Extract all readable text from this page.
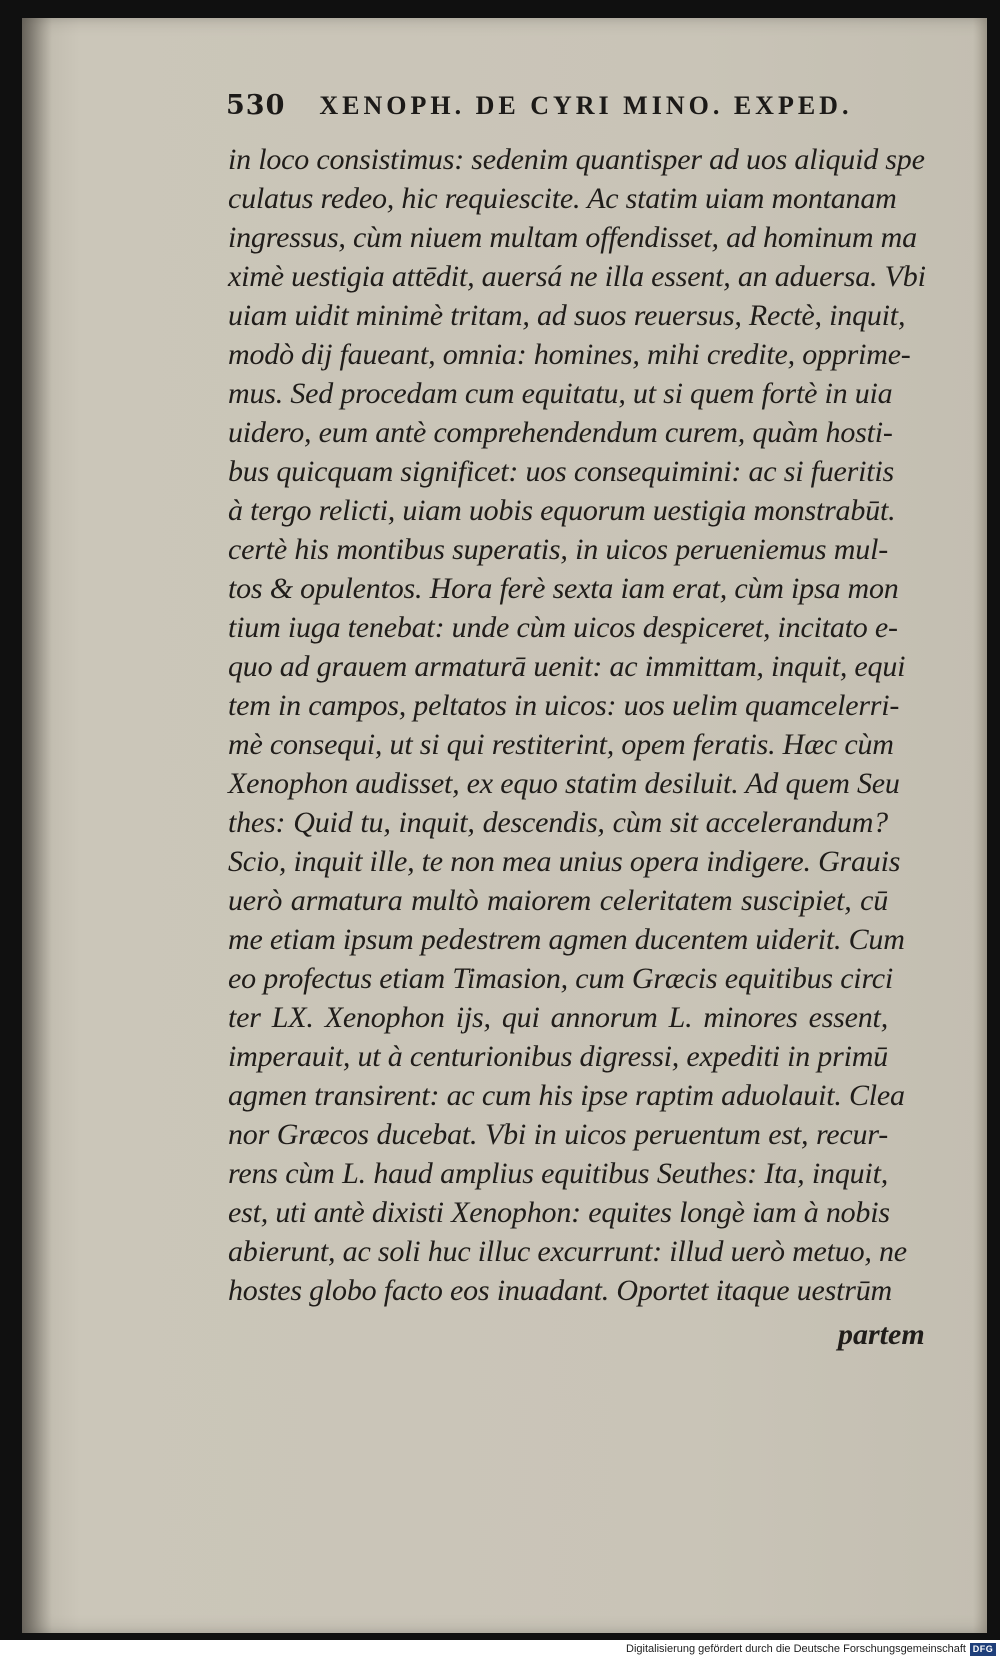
530 XENOPH. DE CYRI MINO. EXPED.
in loco consistimus: sedenim quantisper ad uos aliquid spe
culatus redeo, hic requiescite. Ac statim uiam montanam
ingressus, cùm niuem multam offendisset, ad hominum ma
ximè uestigia attēdit, auersá ne illa essent, an aduersa. Vbi
uiam uidit minimè tritam, ad suos reuersus, Rectè, inquit,
modò dij faueant, omnia: homines, mihi credite, opprime-
mus. Sed procedam cum equitatu, ut si quem fortè in uia
uidero, eum antè comprehendendum curem, quàm hosti-
bus quicquam significet: uos consequimini: ac si fueritis
à tergo relicti, uiam uobis equorum uestigia monstrabūt.
certè his montibus superatis, in uicos perueniemus mul-
tos & opulentos. Hora ferè sexta iam erat, cùm ipsa mon
tium iuga tenebat: unde cùm uicos despiceret, incitato e-
quo ad grauem armaturā uenit: ac immittam, inquit, equi
tem in campos, peltatos in uicos: uos uelim quamcelerri-
mè consequi, ut si qui restiterint, opem feratis. Hæc cùm
Xenophon audisset, ex equo statim desiluit. Ad quem Seu
thes: Quid tu, inquit, descendis, cùm sit accelerandum?
Scio, inquit ille, te non mea unius opera indigere. Grauis
uerò armatura multò maiorem celeritatem suscipiet, cū
me etiam ipsum pedestrem agmen ducentem uiderit. Cum
eo profectus etiam Timasion, cum Græcis equitibus circi
ter LX. Xenophon ijs, qui annorum L. minores essent,
imperauit, ut à centurionibus digressi, expediti in primū
agmen transirent: ac cum his ipse raptim aduolauit. Clea
nor Græcos ducebat. Vbi in uicos peruentum est, recur-
rens cùm L. haud amplius equitibus Seuthes: Ita, inquit,
est, uti antè dixisti Xenophon: equites longè iam à nobis
abierunt, ac soli huc illuc excurrunt: illud uerò metuo, ne
hostes globo facto eos inuadant. Oportet itaque uestrūm
partem
Digitalisierung gefördert durch die Deutsche Forschungsgemeinschaft DFG
